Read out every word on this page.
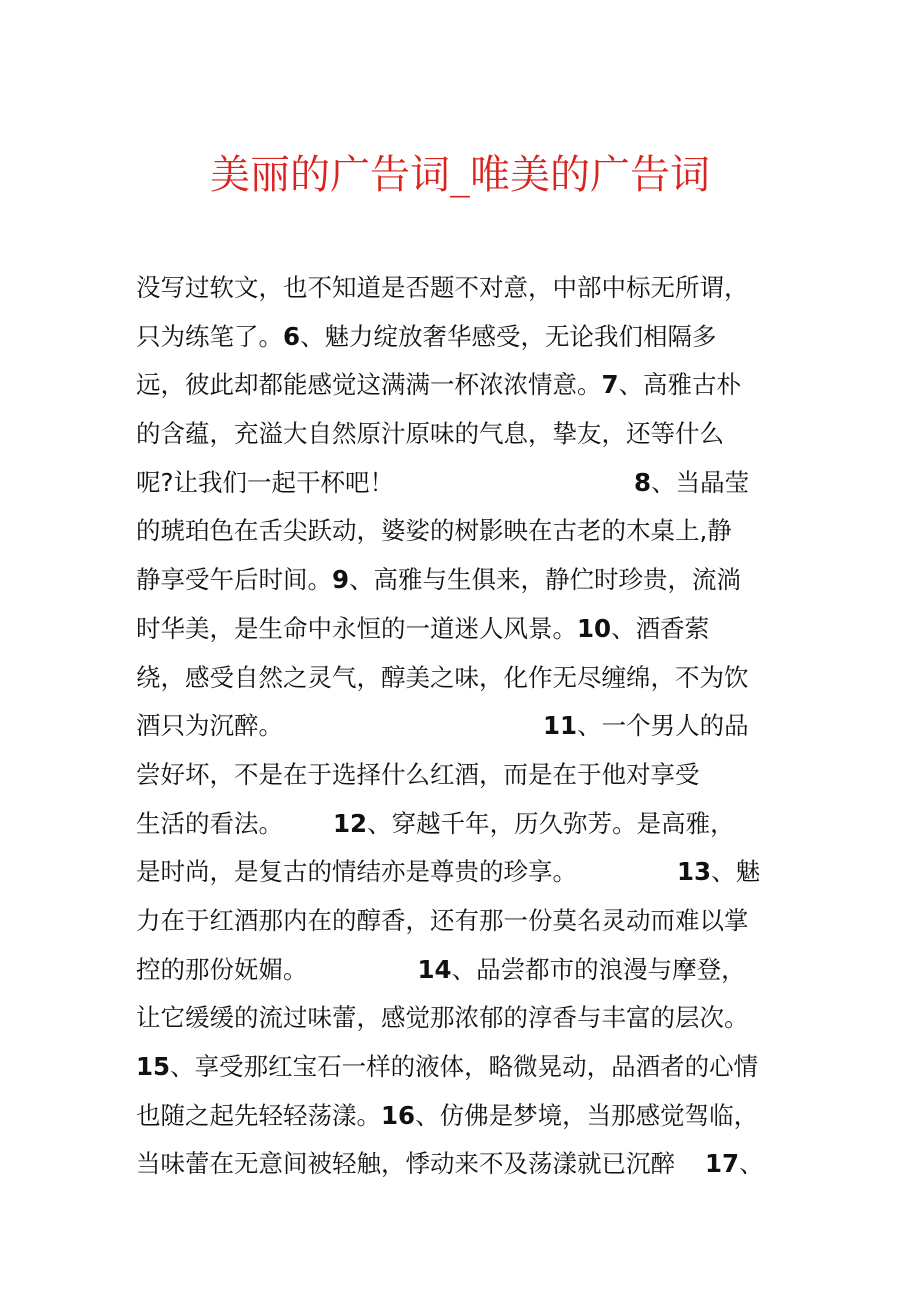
美丽的广告词_唯美的广告词
没写过软文，也不知道是否题不对意，中部中标无所谓，
只为练笔了。6、魅力绽放奢华感受，无论我们相隔多
远，彼此却都能感觉这满满一杯浓浓情意。7、高雅古朴
的含蕴，充溢大自然原汁原味的气息，挚友，还等什么
呢?让我们一起干杯吧！	8、当晶莹
的琥珀色在舌尖跃动，婆娑的树影映在古老的木桌上,静
静享受午后时间。9、高雅与生俱来，静伫时珍贵，流淌
时华美，是生命中永恒的一道迷人风景。10、酒香萦
绕，感受自然之灵气，醇美之味，化作无尽缠绵，不为饮
酒只为沉醉。	11、一个男人的品
尝好坏，不是在于选择什么红酒，而是在于他对享受
生活的看法。 12、穿越千年，历久弥芳。是高雅，
是时尚，是复古的情结亦是尊贵的珍享。	13、魅
力在于红酒那内在的醇香，还有那一份莫名灵动而难以掌
控的那份妩媚。	14、品尝都市的浪漫与摩登，
让它缓缓的流过味蕾，感觉那浓郁的淳香与丰富的层次。
15、享受那红宝石一样的液体，略微晃动，品酒者的心情
也随之起先轻轻荡漾。16、仿佛是梦境，当那感觉驾临，
当味蕾在无意间被轻触，悸动来不及荡漾就已沉醉 17、
